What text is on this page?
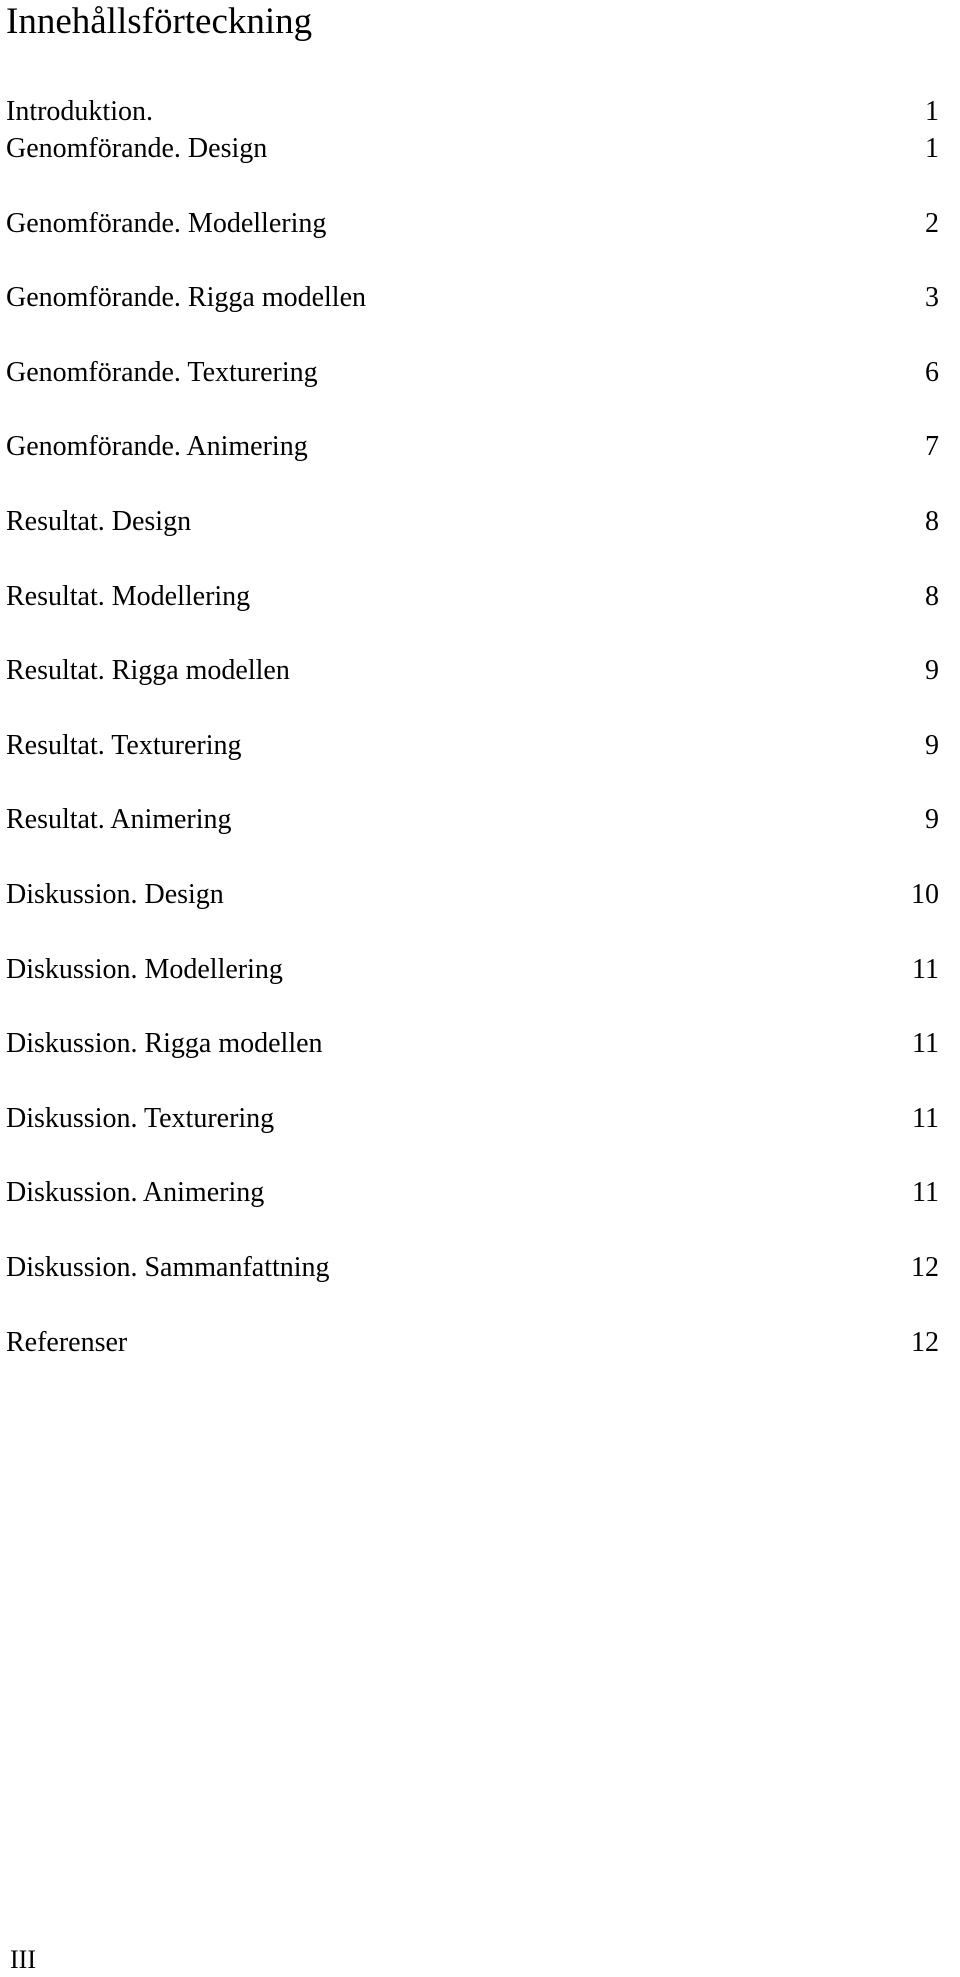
Innehållsförteckning
Introduktion.	1
Genomförande. Design	1
Genomförande. Modellering	2
Genomförande. Rigga modellen	3
Genomförande. Texturering	6
Genomförande. Animering	7
Resultat. Design	8
Resultat. Modellering	8
Resultat. Rigga modellen	9
Resultat. Texturering	9
Resultat. Animering	9
Diskussion. Design	10
Diskussion. Modellering	11
Diskussion. Rigga modellen	11
Diskussion. Texturering	11
Diskussion. Animering	11
Diskussion. Sammanfattning	12
Referenser	12
III
